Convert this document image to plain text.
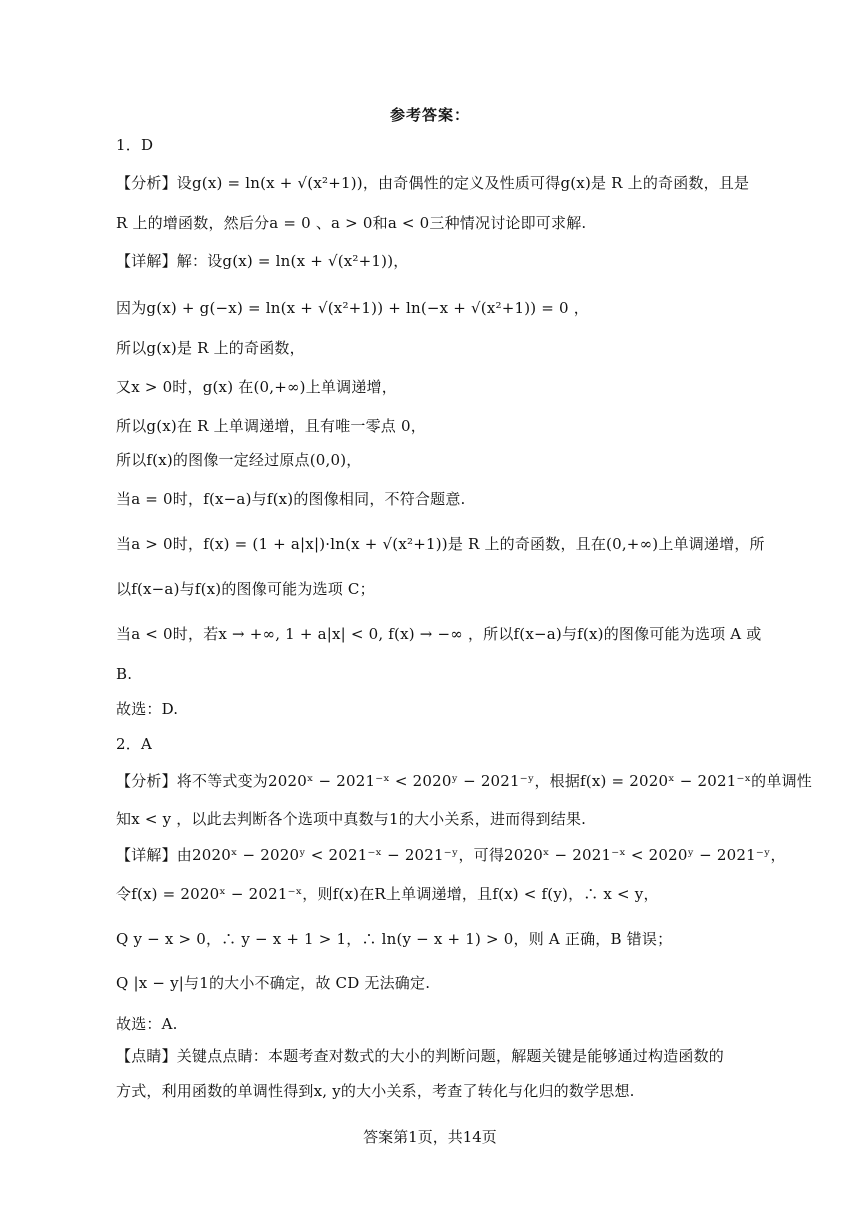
参考答案：
1．D
【分析】设g(x) = ln(x + √(x²+1))，由奇偶性的定义及性质可得g(x)是 R 上的奇函数，且是
R 上的增函数，然后分a = 0 、a > 0和a < 0三种情况讨论即可求解.
【详解】解：设g(x) = ln(x + √(x²+1))，
因为g(x) + g(−x) = ln(x + √(x²+1)) + ln(−x + √(x²+1)) = 0 ，
所以g(x)是 R 上的奇函数，
又x > 0时，g(x) 在(0,+∞)上单调递增，
所以g(x)在 R 上单调递增，且有唯一零点 0，
所以f(x)的图像一定经过原点(0,0)，
当a = 0时，f(x−a)与f(x)的图像相同，不符合题意.
当a > 0时，f(x) = (1 + a|x|)·ln(x + √(x²+1))是 R 上的奇函数，且在(0,+∞)上单调递增，所
以f(x−a)与f(x)的图像可能为选项 C；
当a < 0时，若x → +∞, 1 + a|x| < 0, f(x) → −∞ ，所以f(x−a)与f(x)的图像可能为选项 A 或
B.
故选：D.
2．A
【分析】将不等式变为2020ˣ − 2021⁻ˣ < 2020ʸ − 2021⁻ʸ，根据f(x) = 2020ˣ − 2021⁻ˣ的单调性
知x < y ，以此去判断各个选项中真数与1的大小关系，进而得到结果.
【详解】由2020ˣ − 2020ʸ < 2021⁻ˣ − 2021⁻ʸ，可得2020ˣ − 2021⁻ˣ < 2020ʸ − 2021⁻ʸ，
令f(x) = 2020ˣ − 2021⁻ˣ，则f(x)在R上单调递增，且f(x) < f(y)，∴ x < y，
Q y − x > 0，∴ y − x + 1 > 1，∴ ln(y − x + 1) > 0，则 A 正确，B 错误；
Q |x − y|与1的大小不确定，故 CD 无法确定.
故选：A.
【点睛】关键点点睛：本题考查对数式的大小的判断问题，解题关键是能够通过构造函数的
方式，利用函数的单调性得到x, y的大小关系，考查了转化与化归的数学思想.
答案第1页，共14页
